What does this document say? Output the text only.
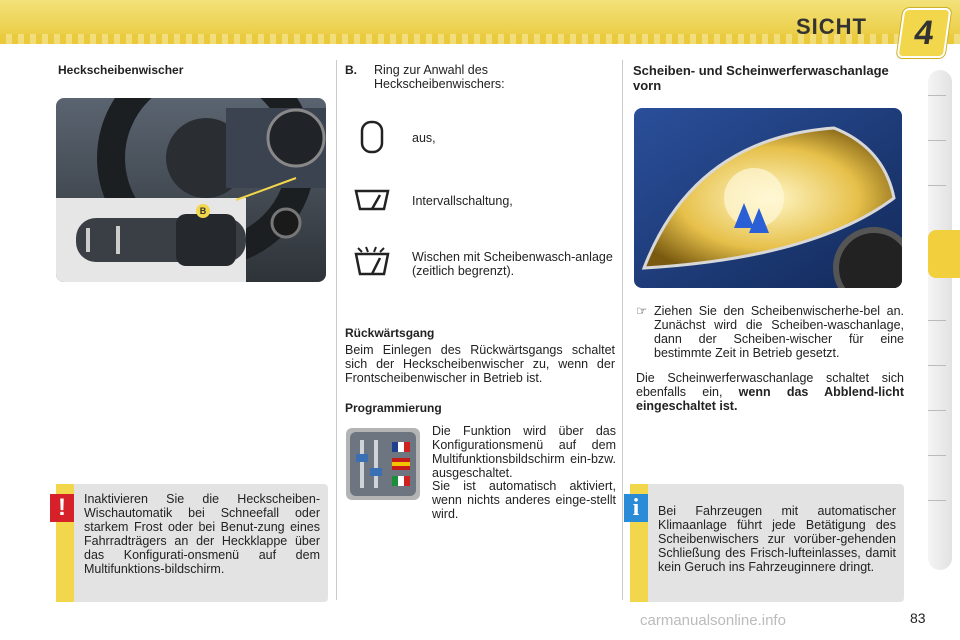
SICHT	4
Heckscheibenwischer
B
Inaktivieren Sie die Heckscheiben-Wischautomatik bei Schneefall oder starkem Frost oder bei Benut-zung eines Fahrradträgers an der Heckklappe über das Konfigurati-onsmenü auf dem Multifunktions-bildschirm.
!
B. Ring zur Anwahl des Heckscheibenwischers:
aus,
Intervallschaltung,
Wischen mit Scheibenwasch-anlage (zeitlich begrenzt).
Rückwärtsgang
Beim Einlegen des Rückwärtsgangs schaltet sich der Heckscheibenwischer zu, wenn der Frontscheibenwischer in Betrieb ist.
Programmierung
Die Funktion wird über das Konfigurationsmenü auf dem Multifunktionsbildschirm ein-bzw. ausgeschaltet.
Sie ist automatisch aktiviert, wenn nichts anderes einge-stellt wird.
Scheiben- und Scheinwerferwaschanlage vorn
☞ Ziehen Sie den Scheibenwischerhe-bel an. Zunächst wird die Scheiben-waschanlage, dann der Scheiben-wischer für eine bestimmte Zeit in Betrieb gesetzt.
Die Scheinwerferwaschanlage schaltet sich ebenfalls ein, wenn das Abblend-licht eingeschaltet ist.
Bei Fahrzeugen mit automatischer Klimaanlage führt jede Betätigung des Scheibenwischers zur vorüber-gehenden Schließung des Frisch-lufteinlasses, damit kein Geruch ins Fahrzeuginnere dringt.
i
83
carmanualsonline.info
